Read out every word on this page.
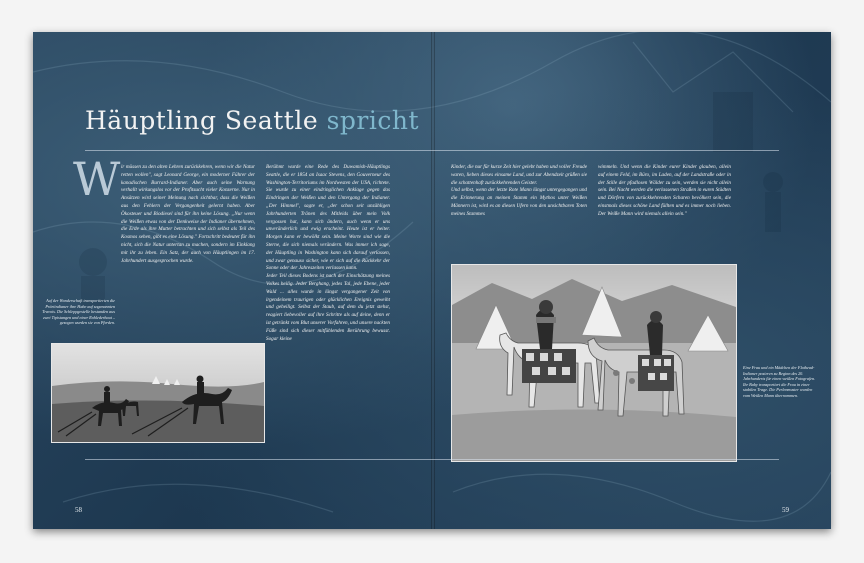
Häuptling Seattle spricht
W ir müssen zu den alten Lehren zurückkehren, wenn wir die Natur retten wollen", sagt Leonard George, ein moderner Führer der kanadischen Burrard-Indianer. Aber auch seine Warnung verhallt wirkungslos vor der Profitsucht vieler Konzerne. Nur in Ansätzen wird seiner Meinung nach sichtbar, dass die Weißen aus den Fehlern der Vergangenheit gelernt haben. Aber Ökosteuer und Biodiesel sind für ihn keine Lösung. „Nur wenn die Weißen etwas von der Denkweise der Indianer übernehmen, die Erde als ihre Mutter betrachten und sich selbst als Teil des Kosmos sehen, gibt es eine Lösung." Fortschritt bedeutet für ihn nicht, sich die Natur untertan zu machen, sondern im Einklang mit ihr zu leben. Ein Satz, der auch von Häuptlingen im 17. Jahrhundert ausgesprochen wurde.

Berühmt wurde eine Rede des Duwamish-Häuptlings Seattle, die er 1854 an Isaac Stevens, den Gouverneur des Washington-Territoriums im Nordwesten der USA, richtete. Sie wurde zu einer eindringlichen Anklage gegen das Eindringen der Weißen und den Untergang der Indianer. „Der Himmel", sagte er, „der schon seit unzähligen Jahrhunderten Tränen des Mitleids über mein Volk vergossen hat, kann sich ändern, auch wenn er uns unveränderlich und ewig erscheint. Heute ist er heiter. Morgen kann er bewölkt sein. Meine Worte sind wie die Sterne, die sich niemals verändern. Was immer ich sage, der Häuptling in Washington kann sich darauf verlassen, und zwar genauso sicher, wie er sich auf die Rückkehr der Sonne oder der Jahreszeiten verlassen kann.

Jeder Teil dieses Bodens ist nach der Einschätzung meines Volkes heilig. Jeder Berghang, jedes Tal, jede Ebene, jeder Wald ... alles wurde in längst vergangener Zeit von irgendeinem traurigen oder glücklichen Ereignis geweiht und geheiligt. Selbst der Staub, auf dem du jetzt stehst, reagiert liebevoller auf ihre Schritte als auf deine, denn er ist getränkt vom Blut unserer Vorfahren, und unsere nackten Füße sind sich dieser mitfühlenden Berührung bewusst. Sogar kleine

Kinder, die nur für kurze Zeit hier gelebt haben und voller Freude waren, lieben dieses einsame Land, und zur Abendzeit grüßen sie die schattenhaft zurückkehrenden Geister.

Und selbst, wenn der letzte Rote Mann längst untergegangen und die Erinnerung an meinen Stamm ein Mythos unter Weißen Männern ist, wird es an diesen Ufern von den unsichtbaren Toten meines Stammes

wimmeln. Und wenn die Kinder eurer Kinder glauben, allein auf einem Feld, im Büro, im Laden, auf der Landstraße oder in der Stille der pfadlosen Wälder zu sein, werden sie nicht allein sein. Bei Nacht werden die verlassenen Straßen in euren Städten und Dörfern von zurückkehrenden Scharen bevölkert sein, die einstmals dieses schöne Land füllten und es immer noch lieben. Der Weiße Mann wird niemals allein sein."

Auf der Wanderschaft transportierten die Präriindianer ihre Habe auf sogenannten Travois. Die Schleppgestelle bestanden aus zwei Tipistangen und einer Rohlederhaut – gezogen wurden sie von Pferden.

Eine Frau und ein Mädchen der Flathead-Indianer posieren zu Beginn des 20. Jahrhunderts für einen weißen Fotografen. Ihr Baby transportiert die Frau in einer stabilen Trage. Die Perlenmuster wurden vom Weißen Mann übernommen.

58	59
